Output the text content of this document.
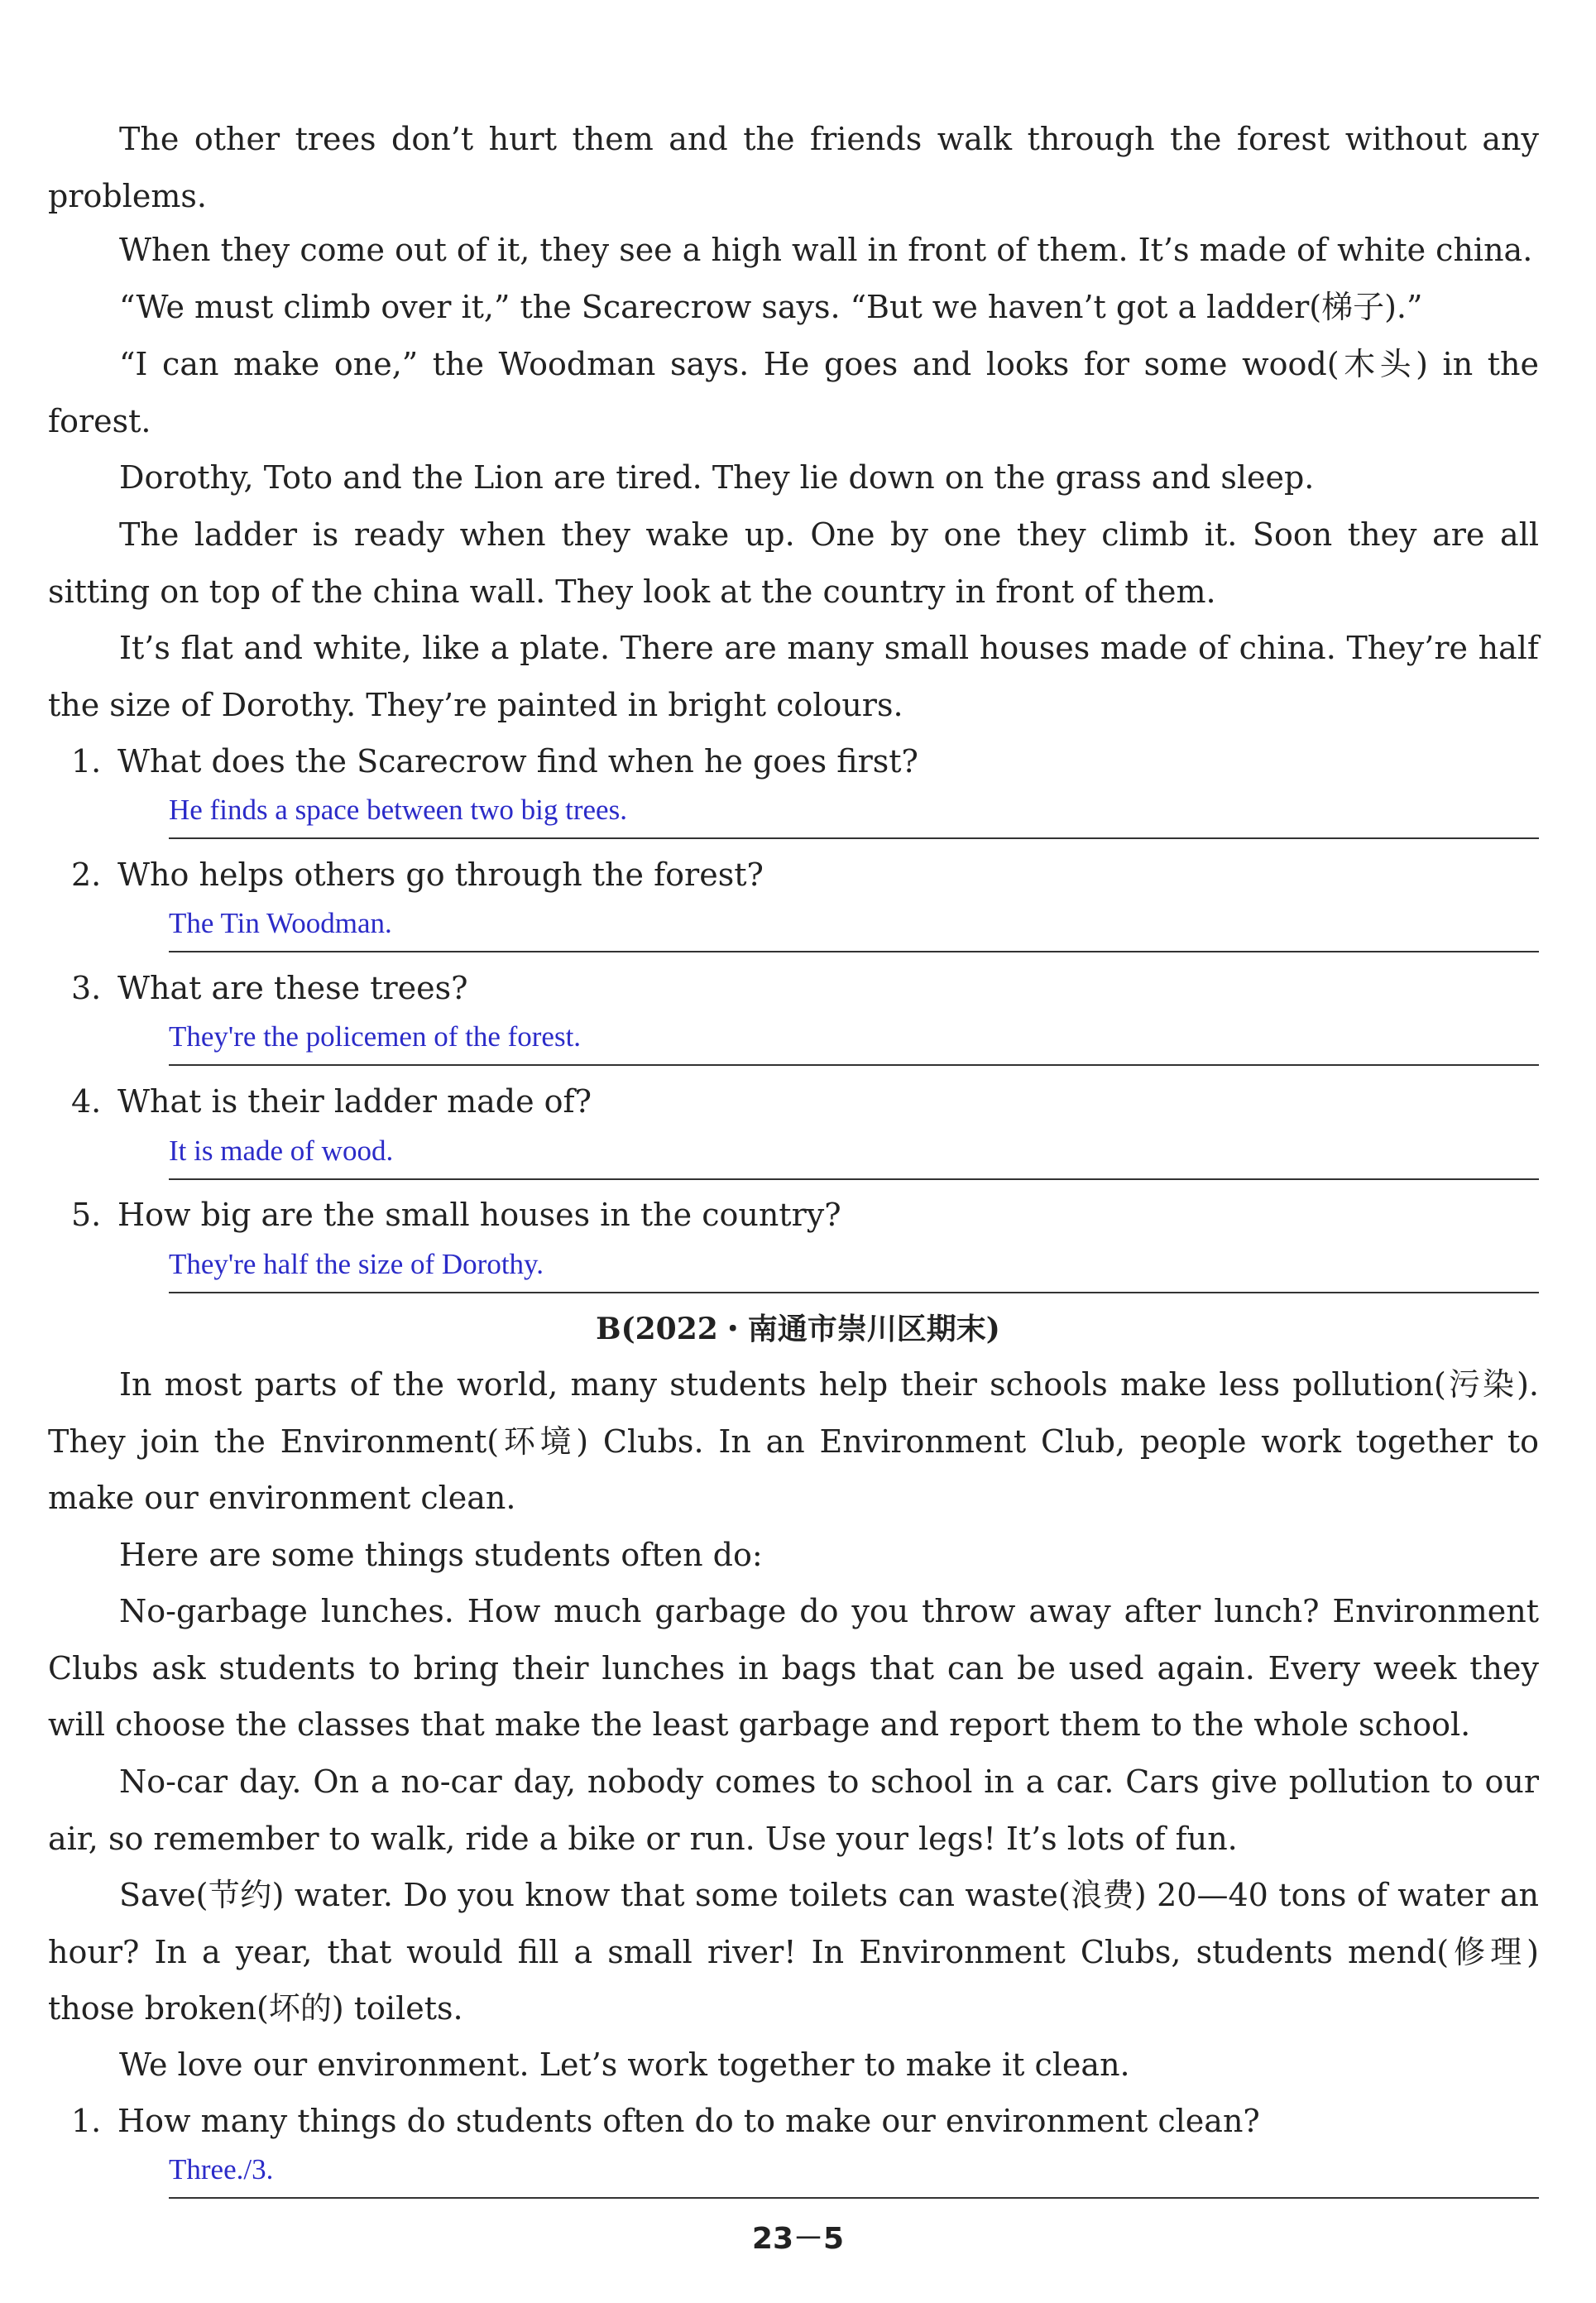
The other trees don’t hurt them and the friends walk through the forest without any problems.

When they come out of it, they see a high wall in front of them. It’s made of white china.

“We must climb over it,” the Scarecrow says. “But we haven’t got a ladder(梯子).”

“I can make one,” the Woodman says. He goes and looks for some wood(木头) in the forest.

Dorothy, Toto and the Lion are tired. They lie down on the grass and sleep.

The ladder is ready when they wake up. One by one they climb it. Soon they are all sitting on top of the china wall. They look at the country in front of them.

It’s flat and white, like a plate. There are many small houses made of china. They’re half the size of Dorothy. They’re painted in bright colours.

1. What does the Scarecrow find when he goes first?

He finds a space between two big trees.

2. Who helps others go through the forest?

The Tin Woodman.

3. What are these trees?

They're the policemen of the forest.

4. What is their ladder made of?

It is made of wood.

5. How big are the small houses in the country?

They're half the size of Dorothy.

B(2022・南通市崇川区期末)

In most parts of the world, many students help their schools make less pollution(污染). They join the Environment(环境) Clubs. In an Environment Club, people work together to make our environment clean.

Here are some things students often do:

No-garbage lunches. How much garbage do you throw away after lunch? Environment Clubs ask students to bring their lunches in bags that can be used again. Every week they will choose the classes that make the least garbage and report them to the whole school.

No-car day. On a no-car day, nobody comes to school in a car. Cars give pollution to our air, so remember to walk, ride a bike or run. Use your legs! It’s lots of fun.

Save(节约) water. Do you know that some toilets can waste(浪费) 20—40 tons of water an hour? In a year, that would fill a small river! In Environment Clubs, students mend(修理) those broken(坏的) toilets.

We love our environment. Let’s work together to make it clean.

1. How many things do students often do to make our environment clean?

Three./3.

23－5
